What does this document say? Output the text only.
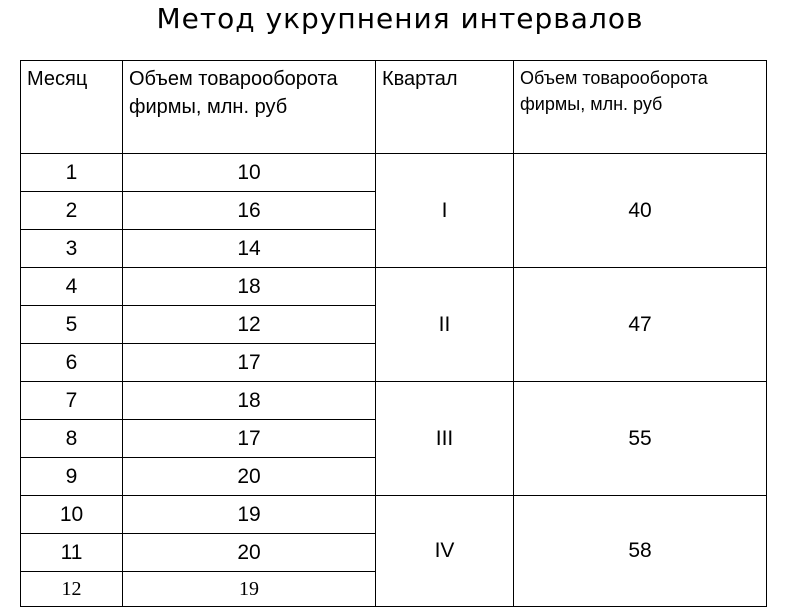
Метод укрупнения интервалов
Месяц	Объем товарооборота фирмы, млн. руб	Квартал	Объем товарооборота фирмы, млн. руб
1	10	I	40
2	16		
3	14		
4	18	II	47
5	12		
6	17		
7	18	III	55
8	17		
9	20		
10	19	IV	58
11	20		
12	19		
